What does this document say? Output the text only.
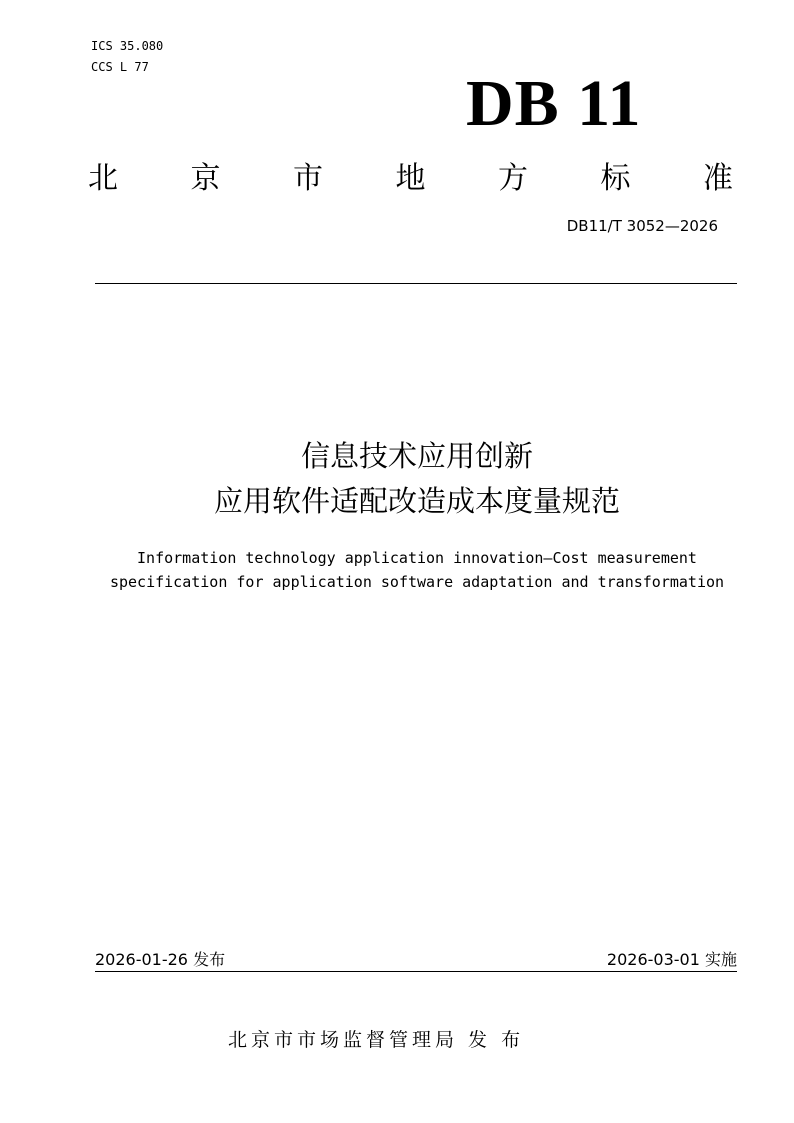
ICS 35.080
CCS L 77	DB 11
北 京 市 地 方 标 准
DB11/T 3052—2026
信息技术应用创新
应用软件适配改造成本度量规范
Information technology application innovation—Cost measurement
specification for application software adaptation and transformation
2026-01-26 发布	2026-03-01 实施
北京市市场监督管理局 发 布
